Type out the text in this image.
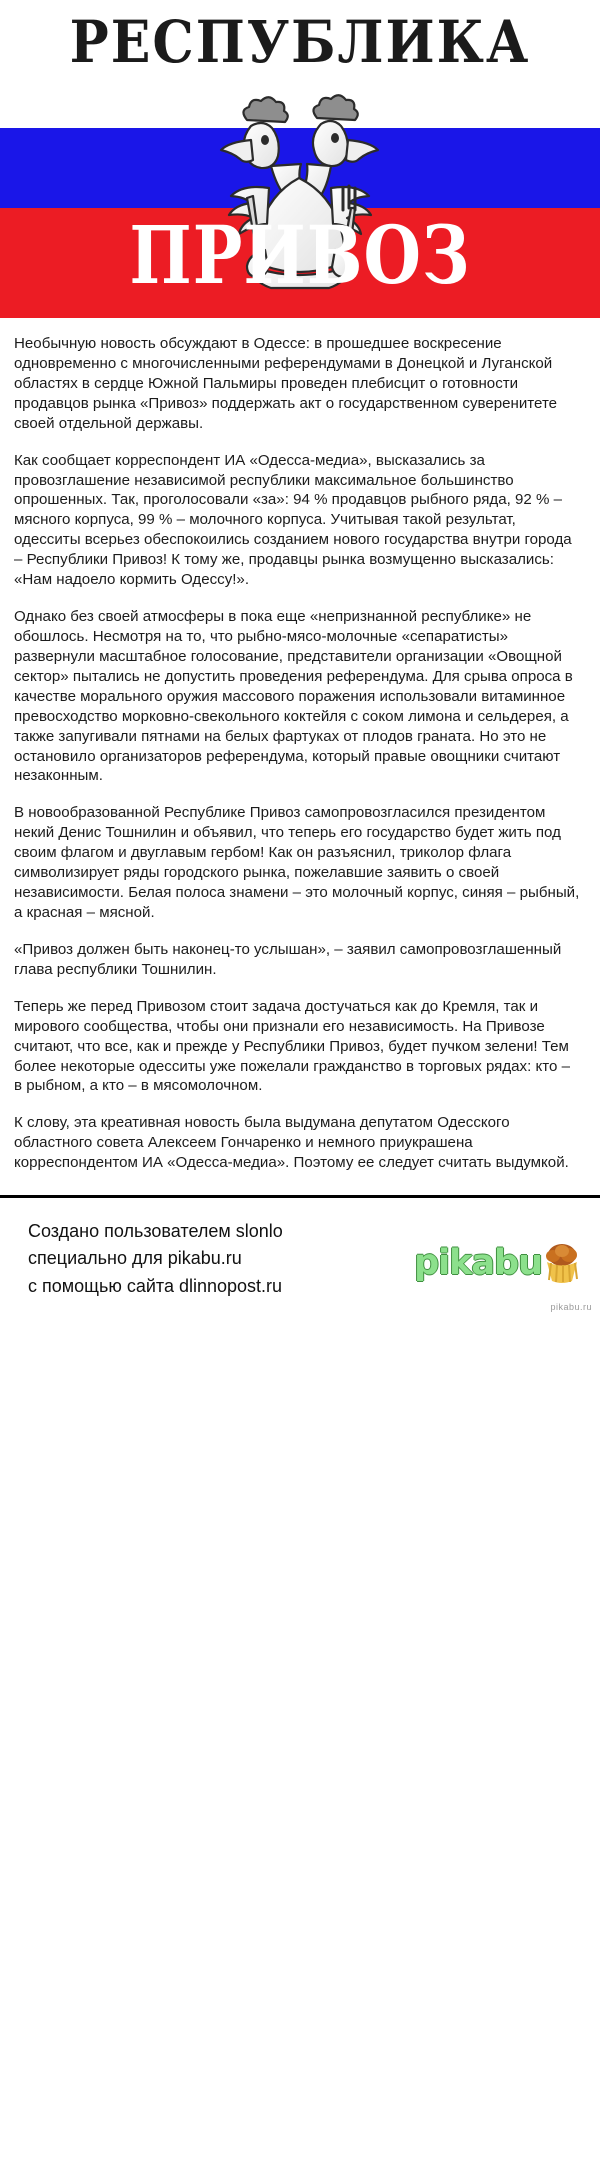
РЕСПУБЛИКА
ПРИВОЗ

Необычную новость обсуждают в Одессе: в прошедшее воскресение одновременно с многочисленными референдумами в Донецкой и Луганской областях в сердце Южной Пальмиры проведен плебисцит о готовности продавцов рынка «Привоз» поддержать акт о государственном суверенитете своей отдельной державы.

Как сообщает корреспондент ИА «Одесса-медиа», высказались за провозглашение независимой республики максимальное большинство опрошенных. Так, проголосовали «за»: 94 % продавцов рыбного ряда, 92 % – мясного корпуса, 99 % – молочного корпуса. Учитывая такой результат, одесситы всерьез обеспокоились созданием нового государства внутри города – Республики Привоз! К тому же, продавцы рынка возмущенно высказались: «Нам надоело кормить Одессу!».

Однако без своей атмосферы в пока еще «непризнанной республике» не обошлось. Несмотря на то, что рыбно-мясо-молочные «сепаратисты» развернули масштабное голосование, представители организации «Овощной сектор» пытались не допустить проведения референдума. Для срыва опроса в качестве морального оружия массового поражения использовали витаминное превосходство морковно-свекольного коктейля с соком лимона и сельдерея, а также запугивали пятнами на белых фартуках от плодов граната. Но это не остановило организаторов референдума, который правые овощники считают незаконным.

В новообразованной Республике Привоз самопровозгласился президентом некий Денис Тошнилин и объявил, что теперь его государство будет жить под своим флагом и двуглавым гербом! Как он разъяснил, триколор флага символизирует ряды городского рынка, пожелавшие заявить о своей независимости. Белая полоса знамени – это молочный корпус, синяя – рыбный, а красная – мясной.

«Привоз должен быть наконец-то услышан», – заявил самопровозглашенный глава республики Тошнилин.

Теперь же перед Привозом стоит задача достучаться как до Кремля, так и мирового сообщества, чтобы они признали его независимость. На Привозе считают, что все, как и прежде у Республики Привоз, будет пучком зелени! Тем более некоторые одесситы уже пожелали гражданство в торговых рядах: кто – в рыбном, а кто – в мясомолочном.

К слову, эта креативная новость была выдумана депутатом Одесского областного совета Алексеем Гончаренко и немного приукрашена корреспондентом ИА «Одесса-медиа». Поэтому ее следует считать выдумкой.

Создано пользователем slonlo
специально для pikabu.ru
с помощью сайта dlinnopost.ru
pikabu
pikabu.ru
